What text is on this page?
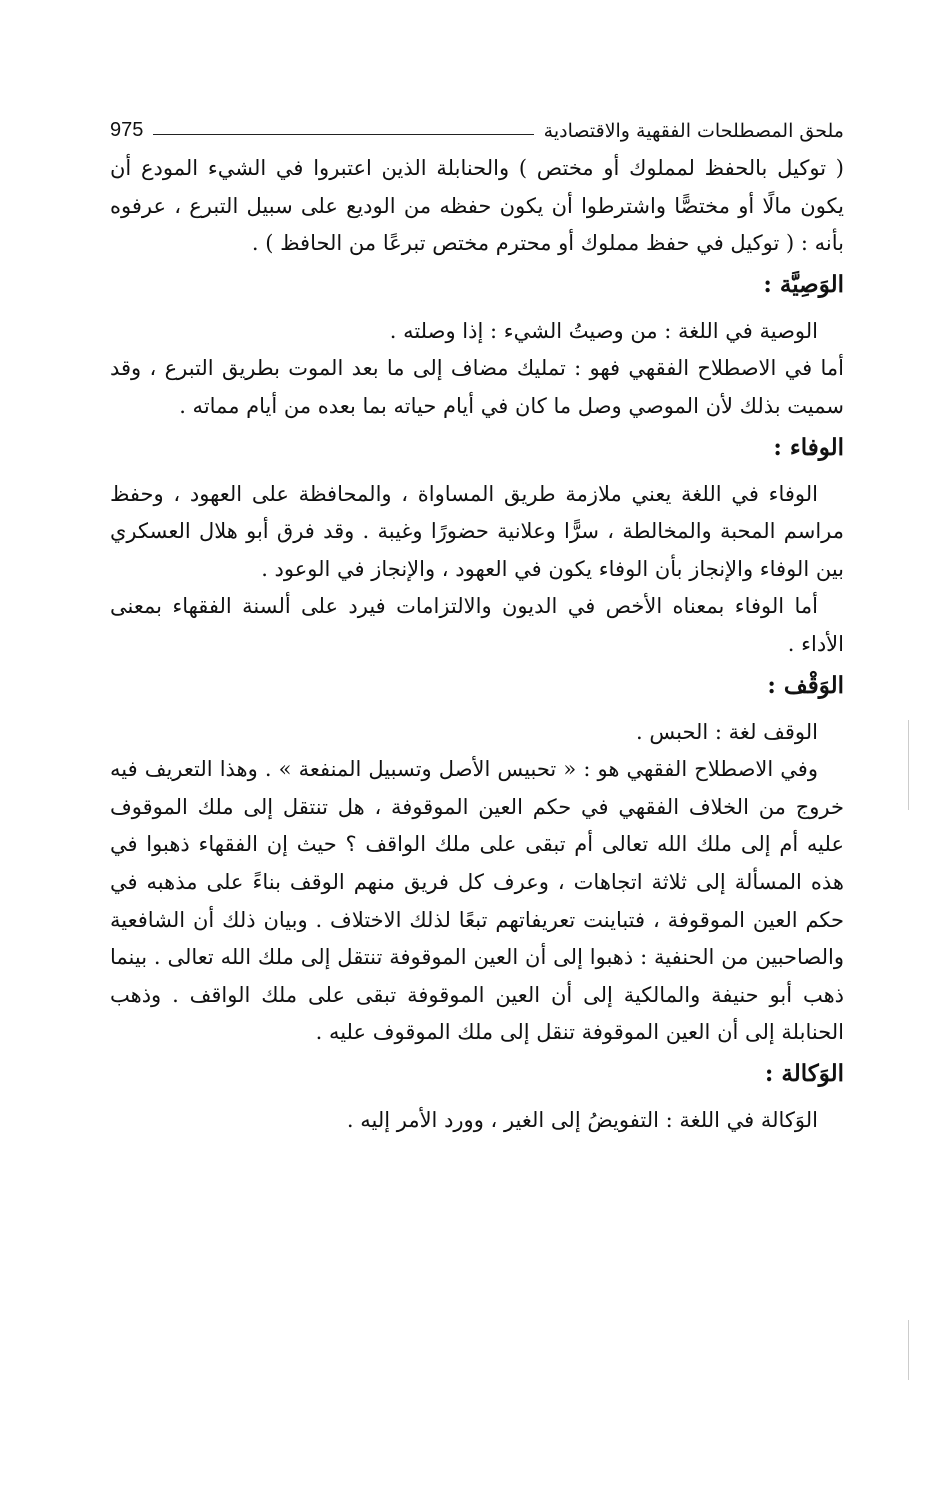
ملحق المصطلحات الفقهية والاقتصادية
975

( توكيل بالحفظ لمملوك أو مختص ) والحنابلة الذين اعتبروا في الشيء المودع أن يكون مالًا أو مختصًّا واشترطوا أن يكون حفظه من الوديع على سبيل التبرع ، عرفوه بأنه : ( توكيل في حفظ مملوك أو محترم مختص تبرعًا من الحافظ ) .

الوَصِيَّة :

الوصية في اللغة : من وصيتُ الشيء : إذا وصلته .

أما في الاصطلاح الفقهي فهو : تمليك مضاف إلى ما بعد الموت بطريق التبرع ، وقد سميت بذلك لأن الموصي وصل ما كان في أيام حياته بما بعده من أيام مماته .

الوفاء :

الوفاء في اللغة يعني ملازمة طريق المساواة ، والمحافظة على العهود ، وحفظ مراسم المحبة والمخالطة ، سرًّا وعلانية حضورًا وغيبة . وقد فرق أبو هلال العسكري بين الوفاء والإنجاز بأن الوفاء يكون في العهود ، والإنجاز في الوعود .

أما الوفاء بمعناه الأخص في الديون والالتزامات فيرد على ألسنة الفقهاء بمعنى الأداء .

الوَقْف :

الوقف لغة : الحبس .

وفي الاصطلاح الفقهي هو : « تحبيس الأصل وتسبيل المنفعة » . وهذا التعريف فيه خروج من الخلاف الفقهي في حكم العين الموقوفة ، هل تنتقل إلى ملك الموقوف عليه أم إلى ملك الله تعالى أم تبقى على ملك الواقف ؟ حيث إن الفقهاء ذهبوا في هذه المسألة إلى ثلاثة اتجاهات ، وعرف كل فريق منهم الوقف بناءً على مذهبه في حكم العين الموقوفة ، فتباينت تعريفاتهم تبعًا لذلك الاختلاف . وبيان ذلك أن الشافعية والصاحبين من الحنفية : ذهبوا إلى أن العين الموقوفة تنتقل إلى ملك الله تعالى . بينما ذهب أبو حنيفة والمالكية إلى أن العين الموقوفة تبقى على ملك الواقف . وذهب الحنابلة إلى أن العين الموقوفة تنقل إلى ملك الموقوف عليه .

الوَكالة :

الوَكالة في اللغة : التفويضُ إلى الغير ، وورد الأمر إليه .
